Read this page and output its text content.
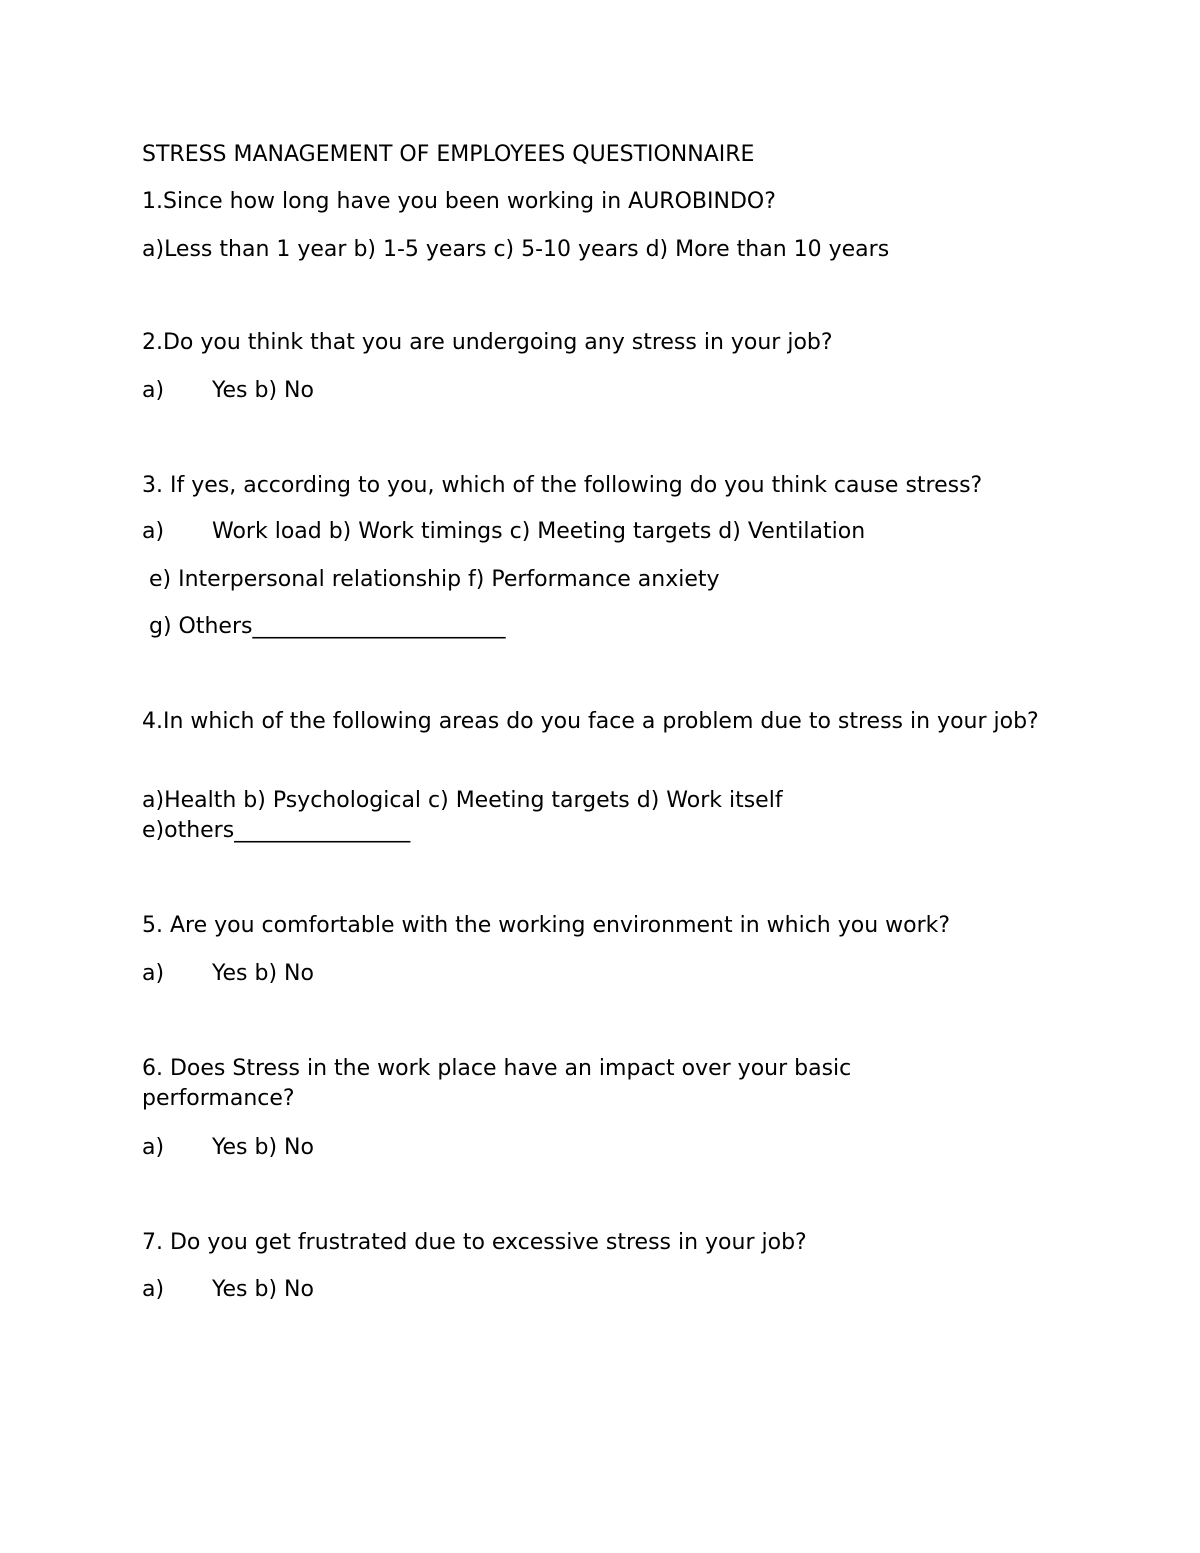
STRESS MANAGEMENT OF EMPLOYEES QUESTIONNAIRE
1.Since how long have you been working in AUROBINDO?
a)Less than 1 year b) 1-5 years c) 5-10 years d) More than 10 years
2.Do you think that you are undergoing any stress in your job?
a) Yes b) No
3. If yes, according to you, which of the following do you think cause stress?
a) Work load b) Work timings c) Meeting targets d) Ventilation
e) Interpersonal relationship f) Performance anxiety
g) Others_______________________
4.In which of the following areas do you face a problem due to stress in your job?
a)Health b) Psychological c) Meeting targets d) Work itself e)others________________
5. Are you comfortable with the working environment in which you work?
a) Yes b) No
6. Does Stress in the work place have an impact over your basic performance?
a) Yes b) No
7. Do you get frustrated due to excessive stress in your job?
a) Yes b) No
